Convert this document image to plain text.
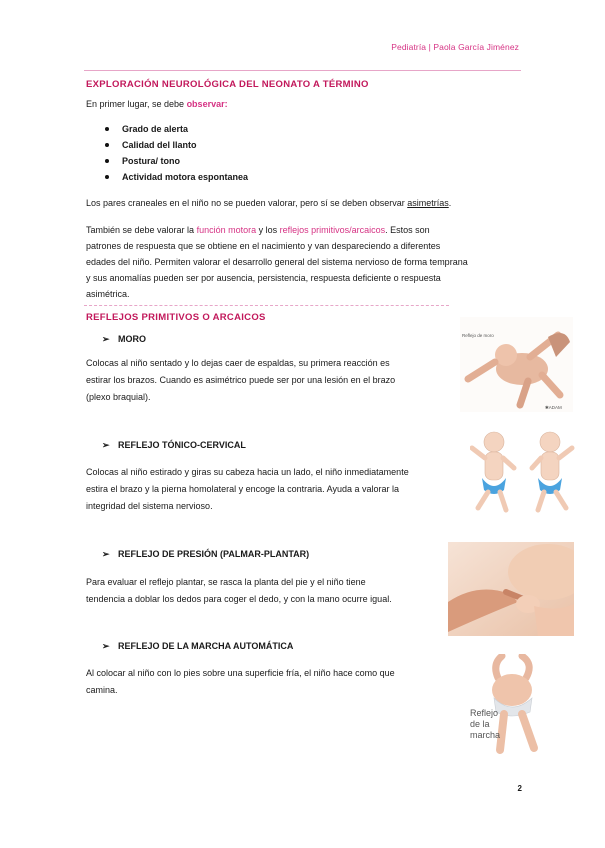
Pediatría | Paola García Jiménez
EXPLORACIÓN NEUROLÓGICA DEL NEONATO A TÉRMINO
En primer lugar, se debe observar:
Grado de alerta
Calidad del llanto
Postura/ tono
Actividad motora espontanea
Los pares craneales en el niño no se pueden valorar, pero sí se deben observar asimetrías.
También se debe valorar la función motora y los reflejos primitivos/arcaicos. Estos son
patrones de respuesta que se obtiene en el nacimiento y van despareciendo a diferentes
edades del niño. Permiten valorar el desarrollo general del sistema nervioso de forma temprana
y sus anomalías pueden ser por ausencia, persistencia, respuesta deficiente o respuesta
asimétrica.
REFLEJOS PRIMITIVOS O ARCAICOS
➢ MORO
Colocas al niño sentado y lo dejas caer de espaldas, su primera reacción es
estirar los brazos. Cuando es asimétrico puede ser por una lesión en el brazo
(plexo braquial).
Reflejo de moro
✱ADAM
➢ REFLEJO TÓNICO-CERVICAL
Colocas al niño estirado y giras su cabeza hacia un lado, el niño inmediatamente
estira el brazo y la pierna homolateral y encoge la contraria. Ayuda a valorar la
integridad del sistema nervioso.
➢ REFLEJO DE PRESIÓN (PALMAR-PLANTAR)
Para evaluar el reflejo plantar, se rasca la planta del pie y el niño tiene
tendencia a doblar los dedos para coger el dedo, y con la mano ocurre igual.
➢ REFLEJO DE LA MARCHA AUTOMÁTICA
Al colocar al niño con lo pies sobre una superficie fría, el niño hace como que
camina.
Reflejo
de la
marcha
2
